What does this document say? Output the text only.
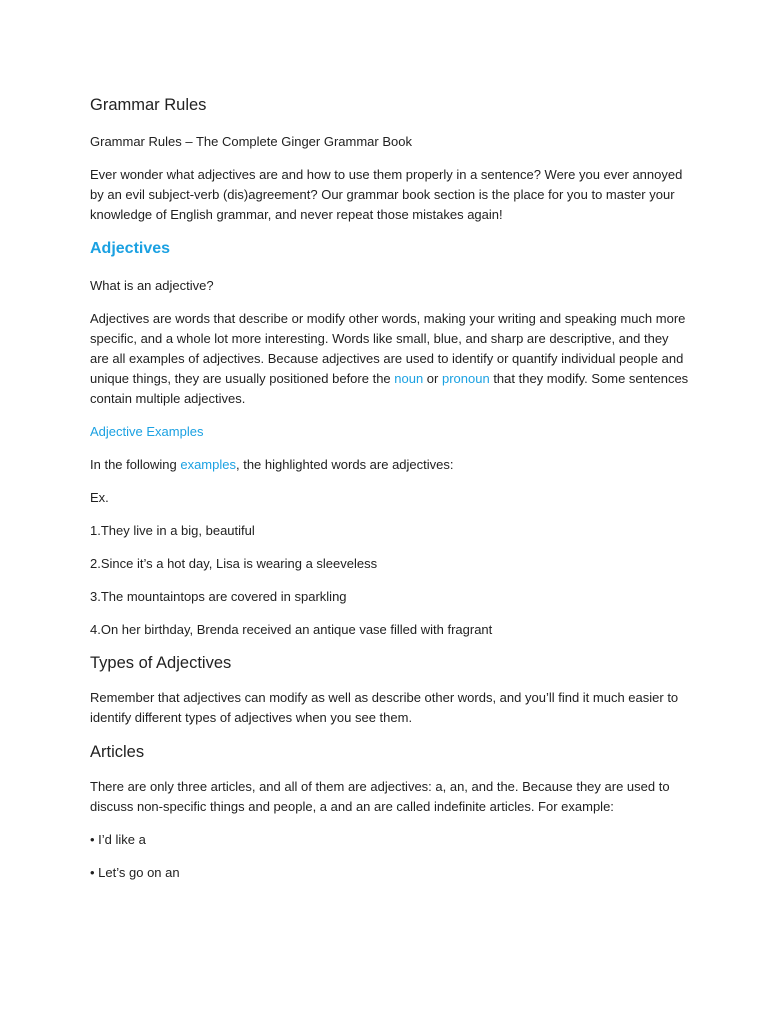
Grammar Rules

Grammar Rules – The Complete Ginger Grammar Book

Ever wonder what adjectives are and how to use them properly in a sentence? Were you ever annoyed by an evil subject-verb (dis)agreement? Our grammar book section is the place for you to master your knowledge of English grammar, and never repeat those mistakes again!

Adjectives

What is an adjective?

Adjectives are words that describe or modify other words, making your writing and speaking much more specific, and a whole lot more interesting. Words like small, blue, and sharp are descriptive, and they are all examples of adjectives. Because adjectives are used to identify or quantify individual people and unique things, they are usually positioned before the noun or pronoun that they modify. Some sentences contain multiple adjectives.

Adjective Examples

In the following examples, the highlighted words are adjectives:

Ex.

1.They live in a big, beautiful

2.Since it’s a hot day, Lisa is wearing a sleeveless

3.The mountaintops are covered in sparkling

4.On her birthday, Brenda received an antique vase filled with fragrant

Types of Adjectives

Remember that adjectives can modify as well as describe other words, and you’ll find it much easier to identify different types of adjectives when you see them.

Articles

There are only three articles, and all of them are adjectives: a, an, and the. Because they are used to discuss non-specific things and people, a and an are called indefinite articles. For example:

• I’d like a

• Let’s go on an
